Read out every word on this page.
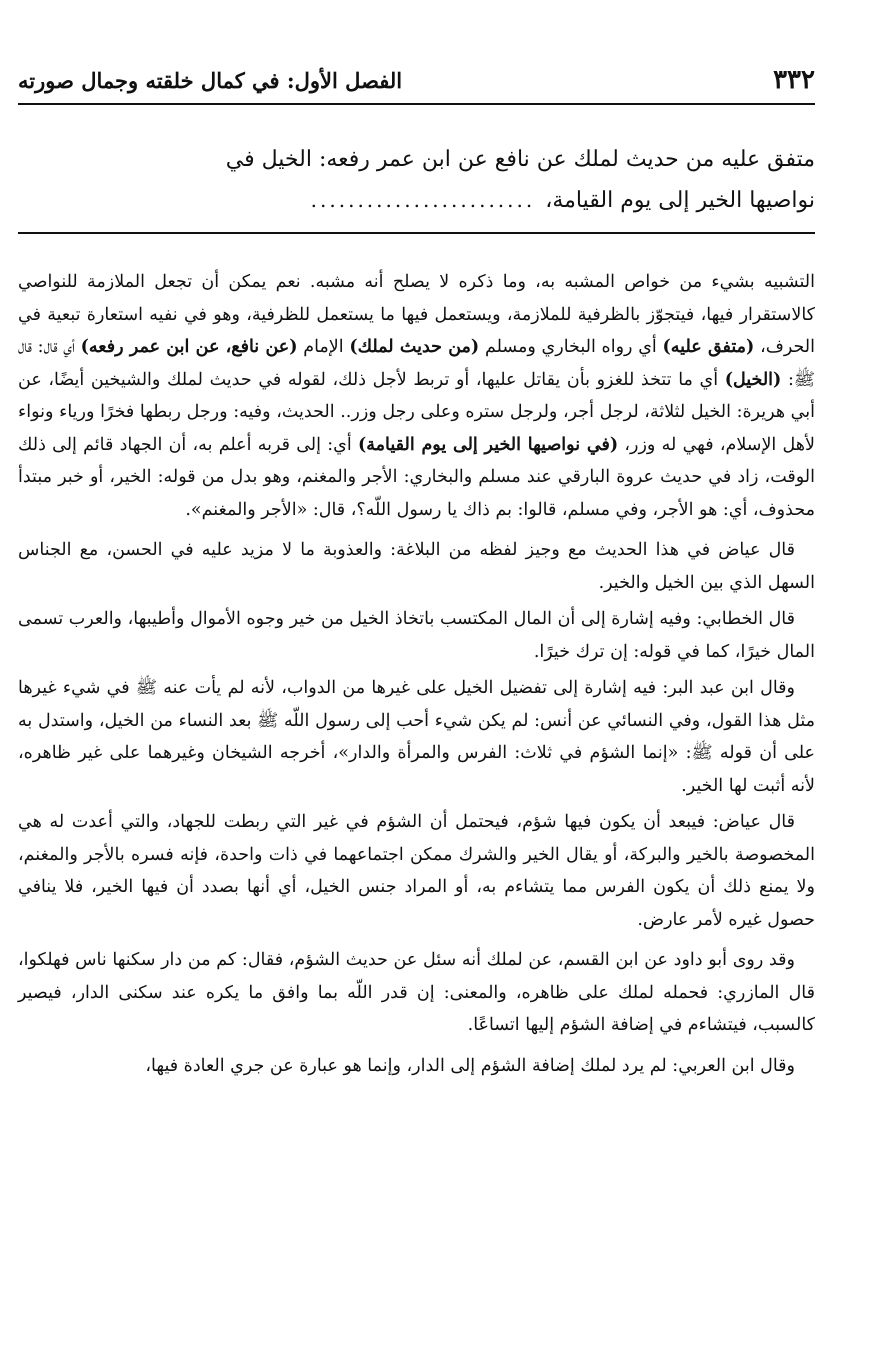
٣٣٢
الفصل الأول: في كمال خلقته وجمال صورته
متفق عليه من حديث لملك عن نافع عن ابن عمر رفعه: الخيل في
نواصيها الخير إلى يوم القيامة،
........................

التشبيه بشيء من خواص المشبه به، وما ذكره لا يصلح أنه مشبه. نعم يمكن أن تجعل الملازمة للنواصي كالاستقرار فيها، فيتجوّز بالظرفية للملازمة، ويستعمل فيها ما يستعمل للظرفية، وهو في نفيه استعارة تبعية في الحرف، (متفق عليه) أي رواه البخاري ومسلم (من حديث لملك) الإمام (عن نافع، عن ابن عمر رفعه) أي قال: قال ﷺ: (الخيل) أي ما تتخذ للغزو بأن يقاتل عليها، أو تربط لأجل ذلك، لقوله في حديث لملك والشيخين أيضًا، عن أبي هريرة: الخيل لثلاثة، لرجل أجر، ولرجل ستره وعلى رجل وزر.. الحديث، وفيه: ورجل ربطها فخرًا ورياء ونواء لأهل الإسلام، فهي له وزر، (في نواصيها الخير إلى يوم القيامة) أي: إلى قربه أعلم به، أن الجهاد قائم إلى ذلك الوقت، زاد في حديث عروة البارقي عند مسلم والبخاري: الأجر والمغنم، وهو بدل من قوله: الخير، أو خبر مبتدأ محذوف، أي: هو الأجر، وفي مسلم، قالوا: بم ذاك يا رسول اللّه؟، قال: «الأجر والمغنم».

قال عياض في هذا الحديث مع وجيز لفظه من البلاغة: والعذوبة ما لا مزيد عليه في الحسن، مع الجناس السهل الذي بين الخيل والخير.

قال الخطابي: وفيه إشارة إلى أن المال المكتسب باتخاذ الخيل من خير وجوه الأموال وأطيبها، والعرب تسمى المال خيرًا، كما في قوله: إن ترك خيرًا.

وقال ابن عبد البر: فيه إشارة إلى تفضيل الخيل على غيرها من الدواب، لأنه لم يأت عنه ﷺ في شيء غيرها مثل هذا القول، وفي النسائي عن أنس: لم يكن شيء أحب إلى رسول اللّه ﷺ بعد النساء من الخيل، واستدل به على أن قوله ﷺ: «إنما الشؤم في ثلاث: الفرس والمرأة والدار»، أخرجه الشيخان وغيرهما على غير ظاهره، لأنه أثبت لها الخير.

قال عياض: فيبعد أن يكون فيها شؤم، فيحتمل أن الشؤم في غير التي ربطت للجهاد، والتي أعدت له هي المخصوصة بالخير والبركة، أو يقال الخير والشرك ممكن اجتماعهما في ذات واحدة، فإنه فسره بالأجر والمغنم، ولا يمنع ذلك أن يكون الفرس مما يتشاءم به، أو المراد جنس الخيل، أي أنها بصدد أن فيها الخير، فلا ينافي حصول غيره لأمر عارض.

وقد روى أبو داود عن ابن القسم، عن لملك أنه سئل عن حديث الشؤم، فقال: كم من دار سكنها ناس فهلكوا، قال المازري: فحمله لملك على ظاهره، والمعنى: إن قدر اللّه بما وافق ما يكره عند سكنى الدار، فيصير كالسبب، فيتشاءم في إضافة الشؤم إليها اتساعًا.

وقال ابن العربي: لم يرد لملك إضافة الشؤم إلى الدار، وإنما هو عبارة عن جري العادة فيها،
